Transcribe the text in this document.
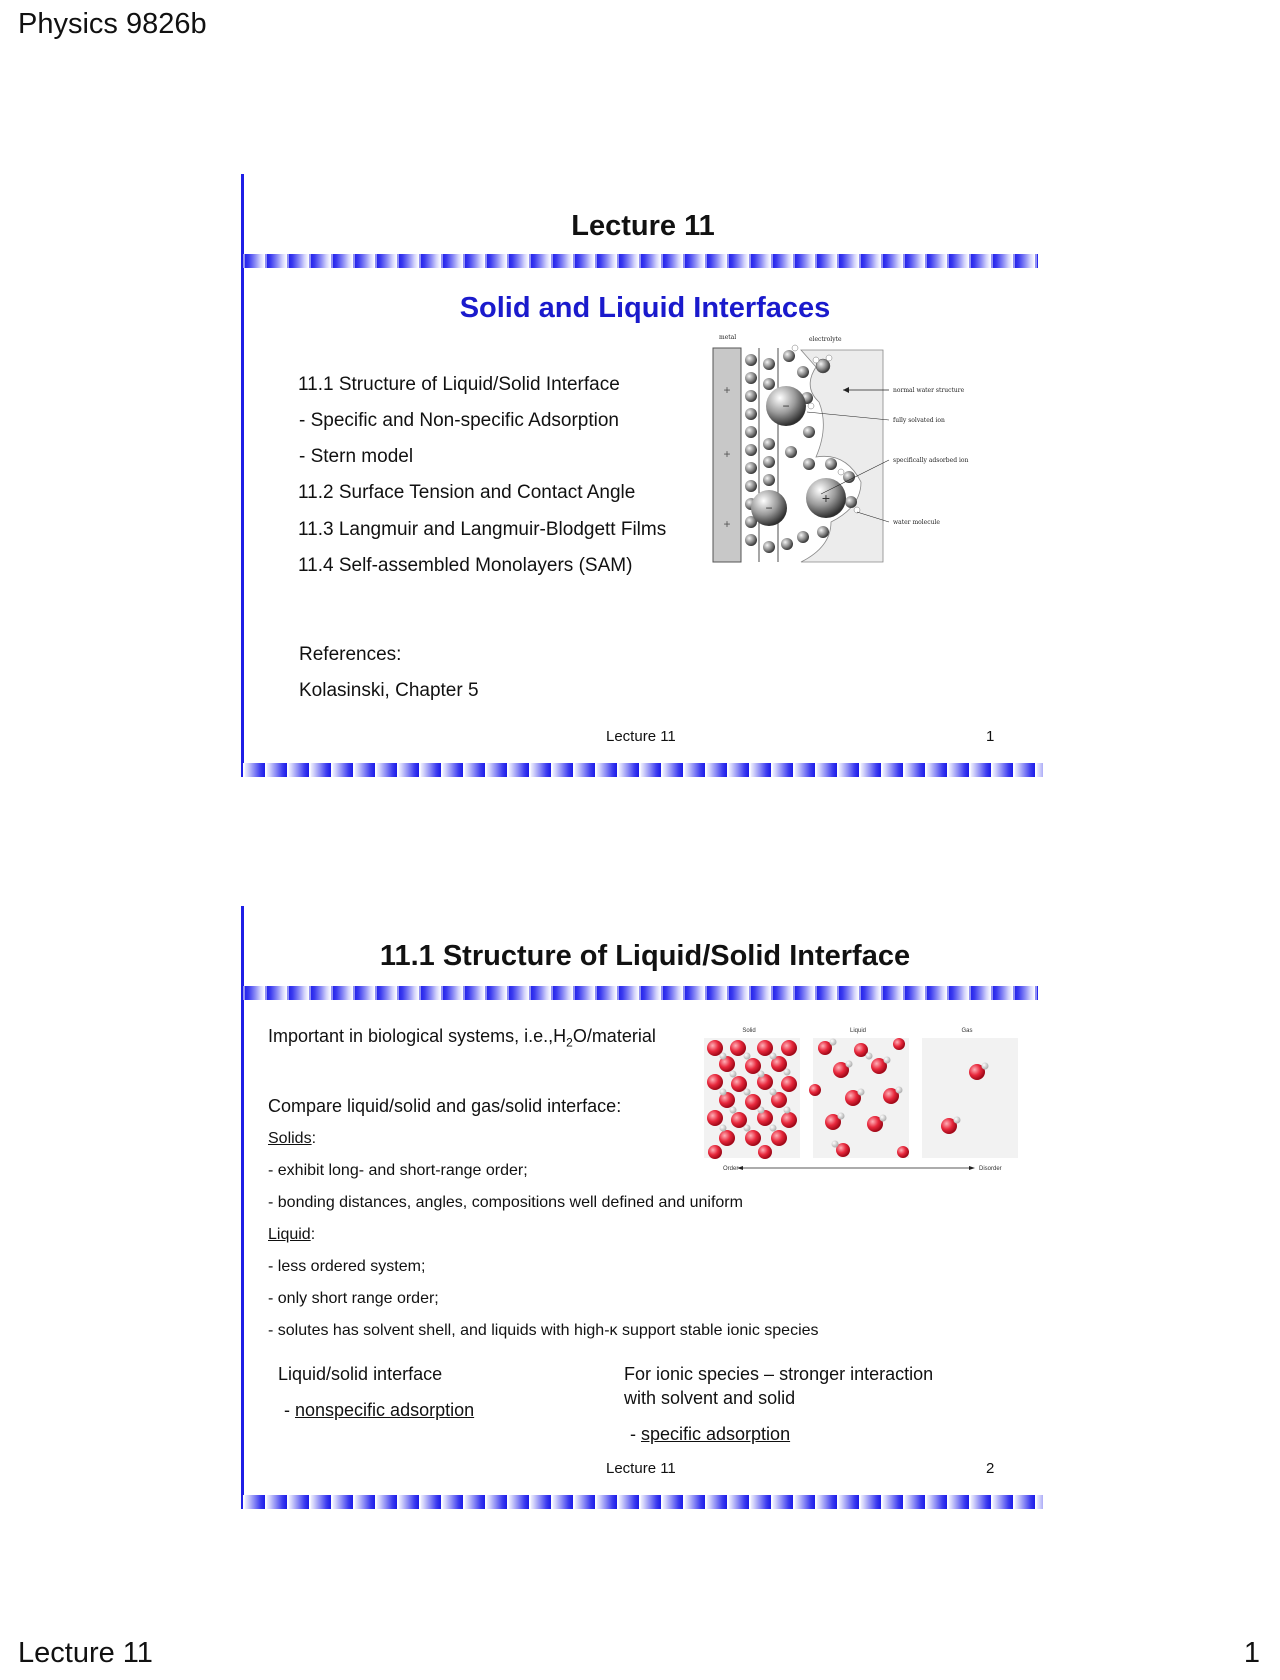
Physics 9826b
Lecture 11
Solid and Liquid Interfaces
11.1 Structure of Liquid/Solid Interface
- Specific and Non-specific Adsorption
- Stern model
11.2 Surface Tension and Contact Angle
11.3 Langmuir and Langmuir-Blodgett Films
11.4 Self-assembled Monolayers (SAM)
References:
Kolasinski, Chapter 5
Lecture 11	1
metal	electrolyte
+
+
+
−
−
+
normal water structure
fully solvated ion
specifically adsorbed ion
water molecule
11.1 Structure of Liquid/Solid Interface
Important in biological systems, $i.e.,H_2O$/material
Compare liquid/solid and gas/solid interface:
Solids:
- exhibit long- and short-range order;
- bonding distances, angles, compositions well defined and uniform
Liquid:
- less ordered system;
- only short range order;
- solutes has solvent shell, and liquids with high-κ support stable ionic species
Liquid/solid interface
- nonspecific adsorption
For ionic species – stronger interaction
with solvent and solid
- specific adsorption
Lecture 11	2
Solid	Liquid	Gas
Order	Disorder
Lecture 11	1
